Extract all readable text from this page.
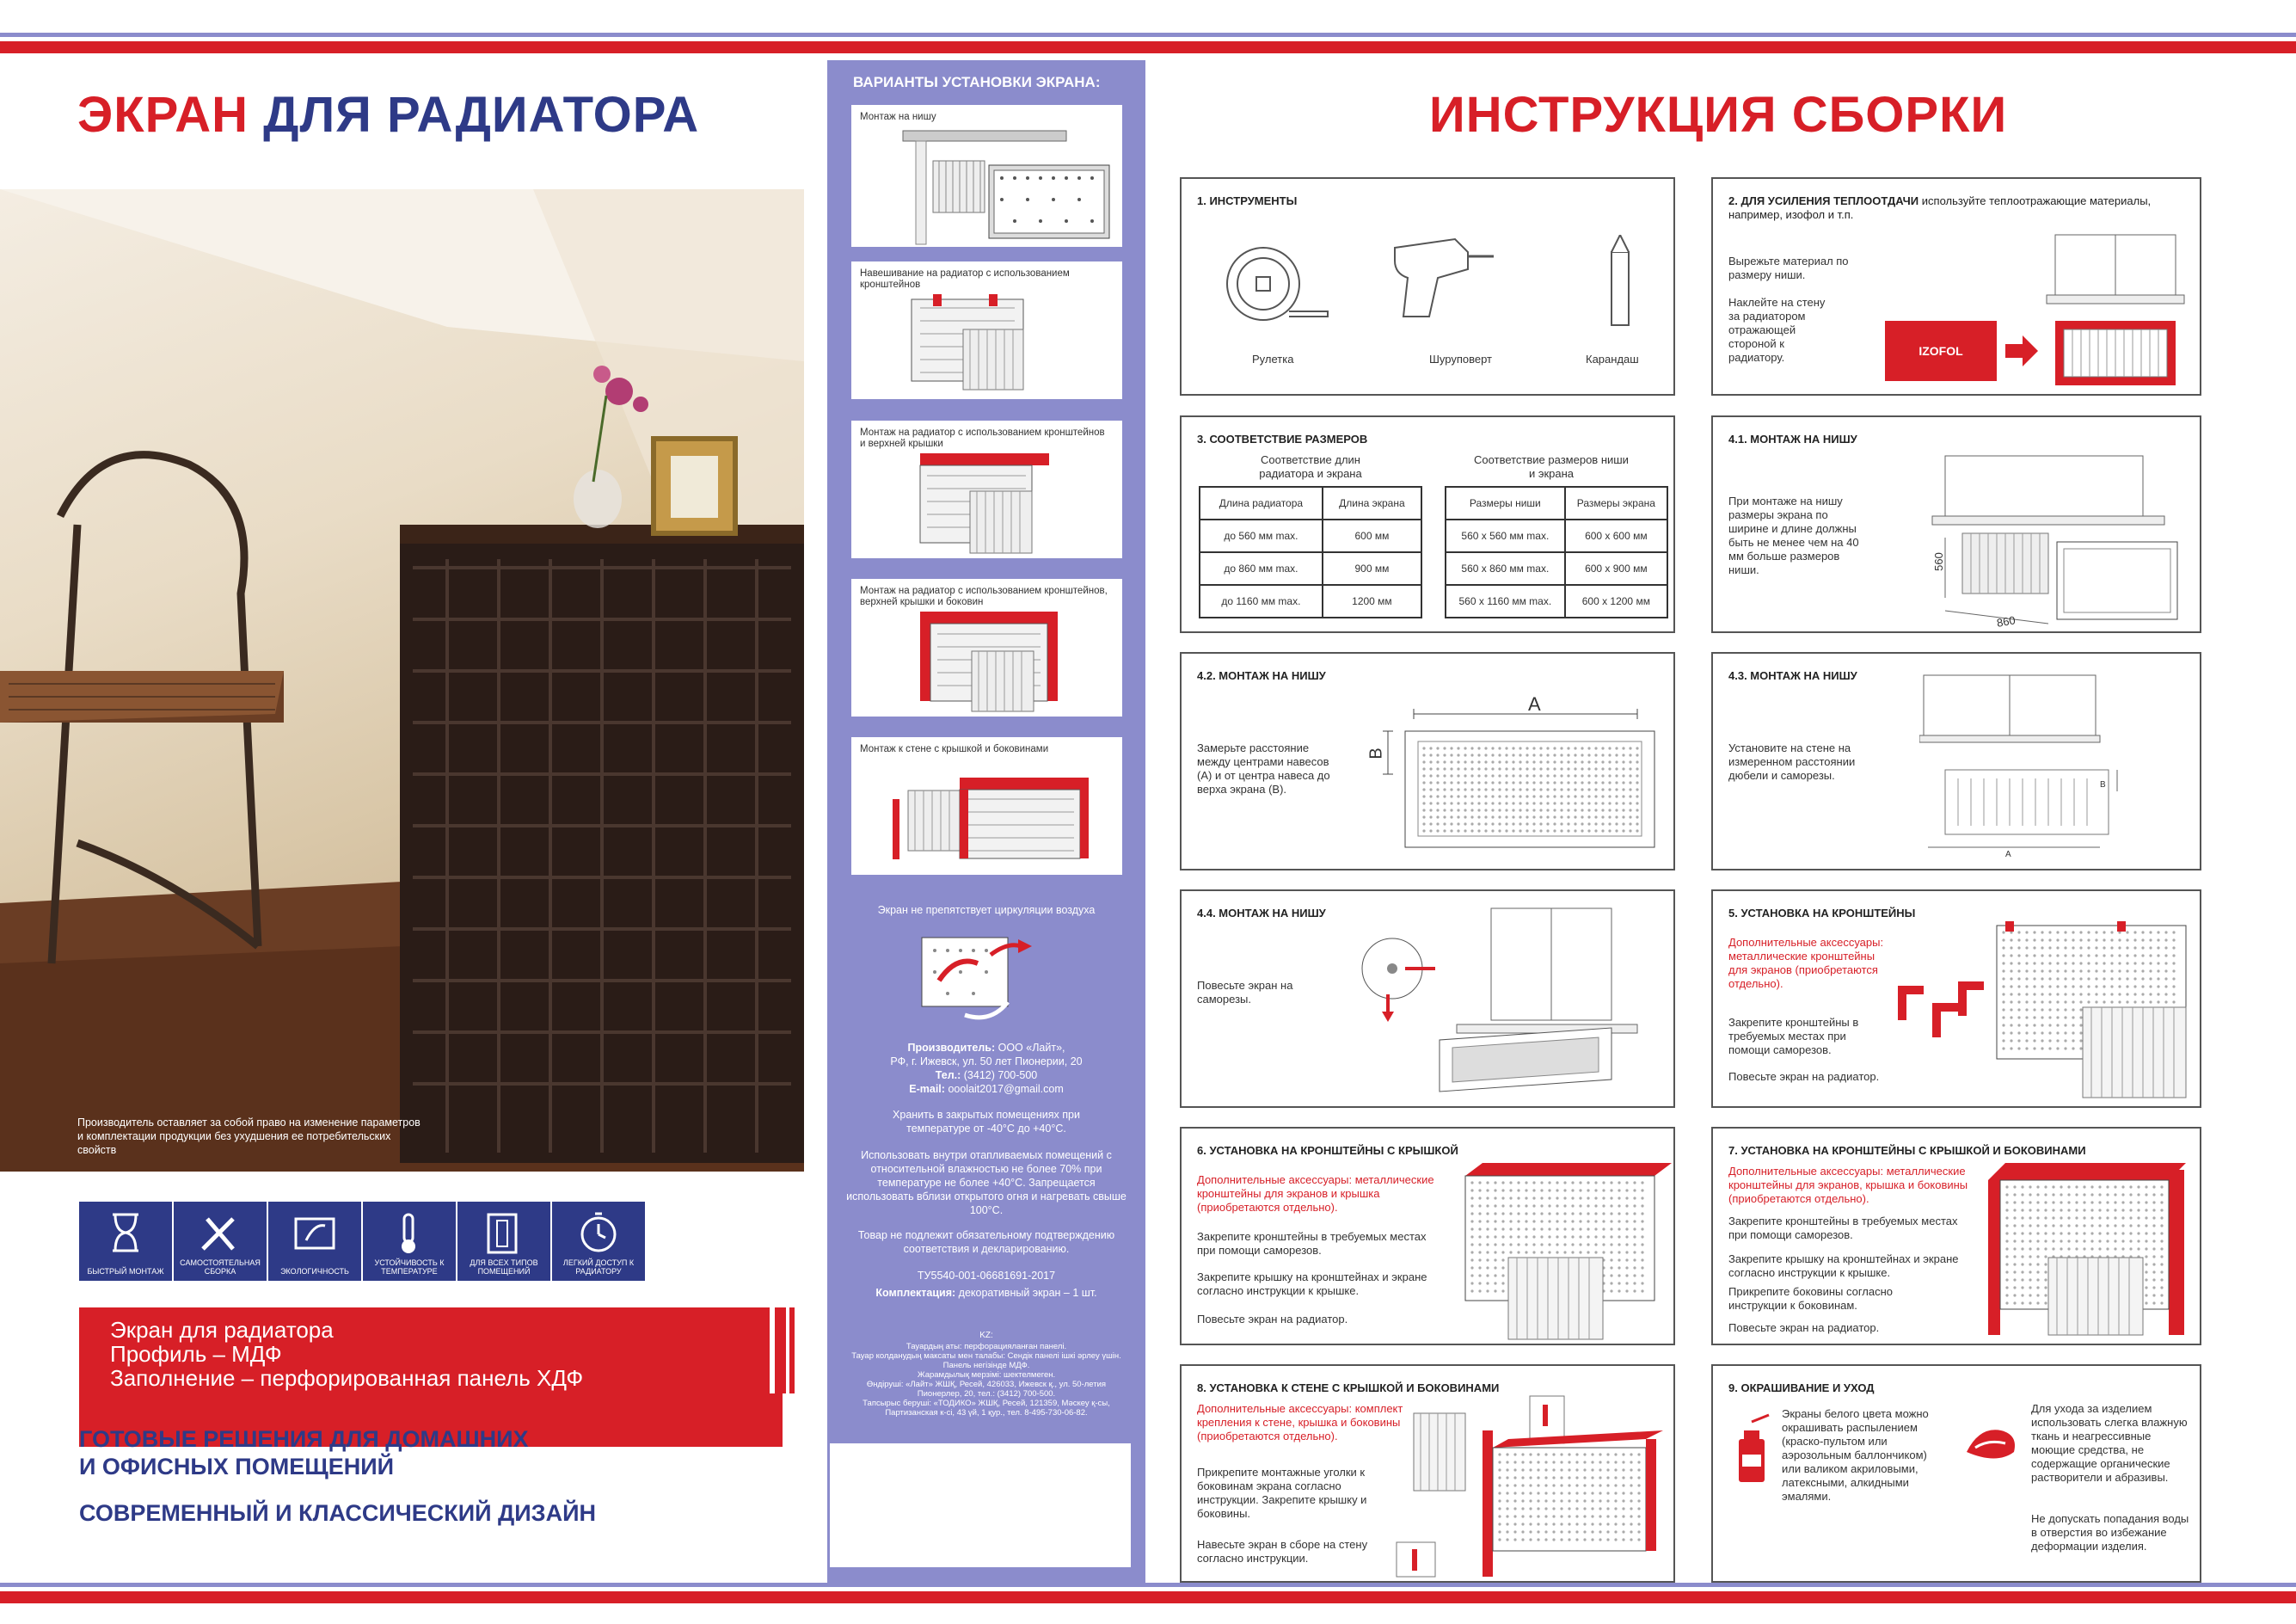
ЭКРАН ДЛЯ РАДИАТОРА
Производитель оставляет за собой право на изменение параметров и комплектации продукции без ухудшения ее потребительских свойств
ГОТОВЫЕ РЕШЕНИЯ ДЛЯ ДОМАШНИХ
И ОФИСНЫХ ПОМЕЩЕНИЙ
СОВРЕМЕННЫЙ И КЛАССИЧЕСКИЙ ДИЗАЙН
Экран для радиатора
Профиль – МДФ
Заполнение – перфорированная панель ХДФ
ВАРИАНТЫ УСТАНОВКИ ЭКРАНА:
Монтаж на нишу
Навешивание на радиатор с использованием кронштейнов
Монтаж на радиатор с использованием кронштейнов и верхней крышки
Монтаж на радиатор с использованием кронштейнов, верхней крышки и боковин
Монтаж к стене с крышкой и боковинами
Экран не препятствует циркуляции воздуха
Производитель: ООО «Лайт»,
РФ, г. Ижевск, ул. 50 лет Пионерии, 20
Тел.: (3412) 700-500
E-mail: ooolait2017@gmail.com
Хранить в закрытых помещениях при температуре от -40°С до +40°С.
Использовать внутри отапливаемых помещений с относительной влажностью не более 70% при температуре не более +40°С. Запрещается использовать вблизи открытого огня и нагревать свыше 100°С.
Товар не подлежит обязательному подтверждению соответствия и декларированию.
ТУ5540-001-06681691-2017
Комплектация: декоративный экран – 1 шт.
KZ:
Тауардың аты: перфорацияланған панелі.
Тауар колданудың максаты мен талабы: Сендік панелі ішкі әрлеу үшін. Панель негізінде МДФ.
Жарамдылық мерзімі: шектелмеген.
Өндіруші: «Лайт» ЖШҚ, Ресей, 426033, Ижевск қ., ул. 50-летия Пионерлер, 20, тел.: (3412) 700-500.
Тапсырыс беруші: «ТОДИКО» ЖШҚ, Ресей, 121359, Мәскеу қ-сы, Партизанская к-сі, 43 үй, 1 қур., тел. 8-495-730-06-82.
ИНСТРУКЦИЯ СБОРКИ
1. ИНСТРУМЕНТЫ
Рулетка	Шуруповерт	Карандаш
2. ДЛЯ УСИЛЕНИЯ ТЕПЛООТДАЧИ используйте теплоотражающие материалы, например, изофол и т.п.
Вырежьте материал по размеру ниши.
Наклейте на стену за радиатором отражающей стороной к радиатору.	IZOFOL
3. СООТВЕТСТВИЕ РАЗМЕРОВ
Соответствие длин радиатора и экрана
Соответствие размеров ниши и экрана
Длина радиатора	Длина экрана
до 560 мм max.	600 мм
до 860 мм max.	900 мм
до 1160 мм max.	1200 мм
Размеры ниши	Размеры экрана
560 х 560 мм max.	600 х 600 мм
560 х 860 мм max.	600 х 900 мм
560 х 1160 мм max.	600 х 1200 мм
4.1. МОНТАЖ НА НИШУ
При монтаже на нишу размеры экрана по ширине и длине должны быть не менее чем на 40 мм больше размеров ниши.	560
860
4.2. МОНТАЖ НА НИШУ
Замерьте расстояние между центрами навесов (А) и от центра навеса до верха экрана (В).
A
B
4.3. МОНТАЖ НА НИШУ
Установите на стене на измеренном расстоянии дюбели и саморезы.
A
B
4.4. МОНТАЖ НА НИШУ
Повесьте экран на саморезы.
5. УСТАНОВКА НА КРОНШТЕЙНЫ
Дополнительные аксессуары: металлические кронштейны для экранов (приобретаются отдельно).
Закрепите кронштейны в требуемых местах при помощи саморезов.
Повесьте экран на радиатор.
6. УСТАНОВКА НА КРОНШТЕЙНЫ С КРЫШКОЙ
Дополнительные аксессуары: металлические кронштейны для экранов и крышка (приобретаются отдельно).
Закрепите кронштейны в требуемых местах при помощи саморезов.
Закрепите крышку на кронштейнах и экране согласно инструкции к крышке.
Повесьте экран на радиатор.
7. УСТАНОВКА НА КРОНШТЕЙНЫ С КРЫШКОЙ И БОКОВИНАМИ
Дополнительные аксессуары: металлические кронштейны для экранов, крышка и боковины (приобретаются отдельно).
Закрепите кронштейны в требуемых местах при помощи саморезов.
Закрепите крышку на кронштейнах и экране согласно инструкции к крышке.
Прикрепите боковины согласно инструкции к боковинам.
Повесьте экран на радиатор.
8. УСТАНОВКА К СТЕНЕ С КРЫШКОЙ И БОКОВИНАМИ
Дополнительные аксессуары: комплект крепления к стене, крышка и боковины (приобретаются отдельно).
Прикрепите монтажные уголки к боковинам экрана согласно инструкции. Закрепите крышку и боковины.
Навесьте экран в сборе на стену согласно инструкции.
9. ОКРАШИВАНИЕ И УХОД
Экраны белого цвета можно окрашивать распылением (краско-пультом или аэрозольным баллончиком) или валиком акриловыми, латексными, алкидными эмалями.
Для ухода за изделием использовать слегка влажную ткань и неагрессивные моющие средства, не содержащие органические растворители и абразивы.
Не допускать попадания воды в отверстия во избежание деформации изделия.
БЫСТРЫЙ МОНТАЖ
САМОСТОЯТЕЛЬНАЯ СБОРКА	ЭКОЛОГИЧНОСТЬ
УСТОЙЧИВОСТЬ К ТЕМПЕРАТУРЕ
ДЛЯ ВСЕХ ТИПОВ ПОМЕЩЕНИЙ
ЛЕГКИЙ ДОСТУП К РАДИАТОРУ
